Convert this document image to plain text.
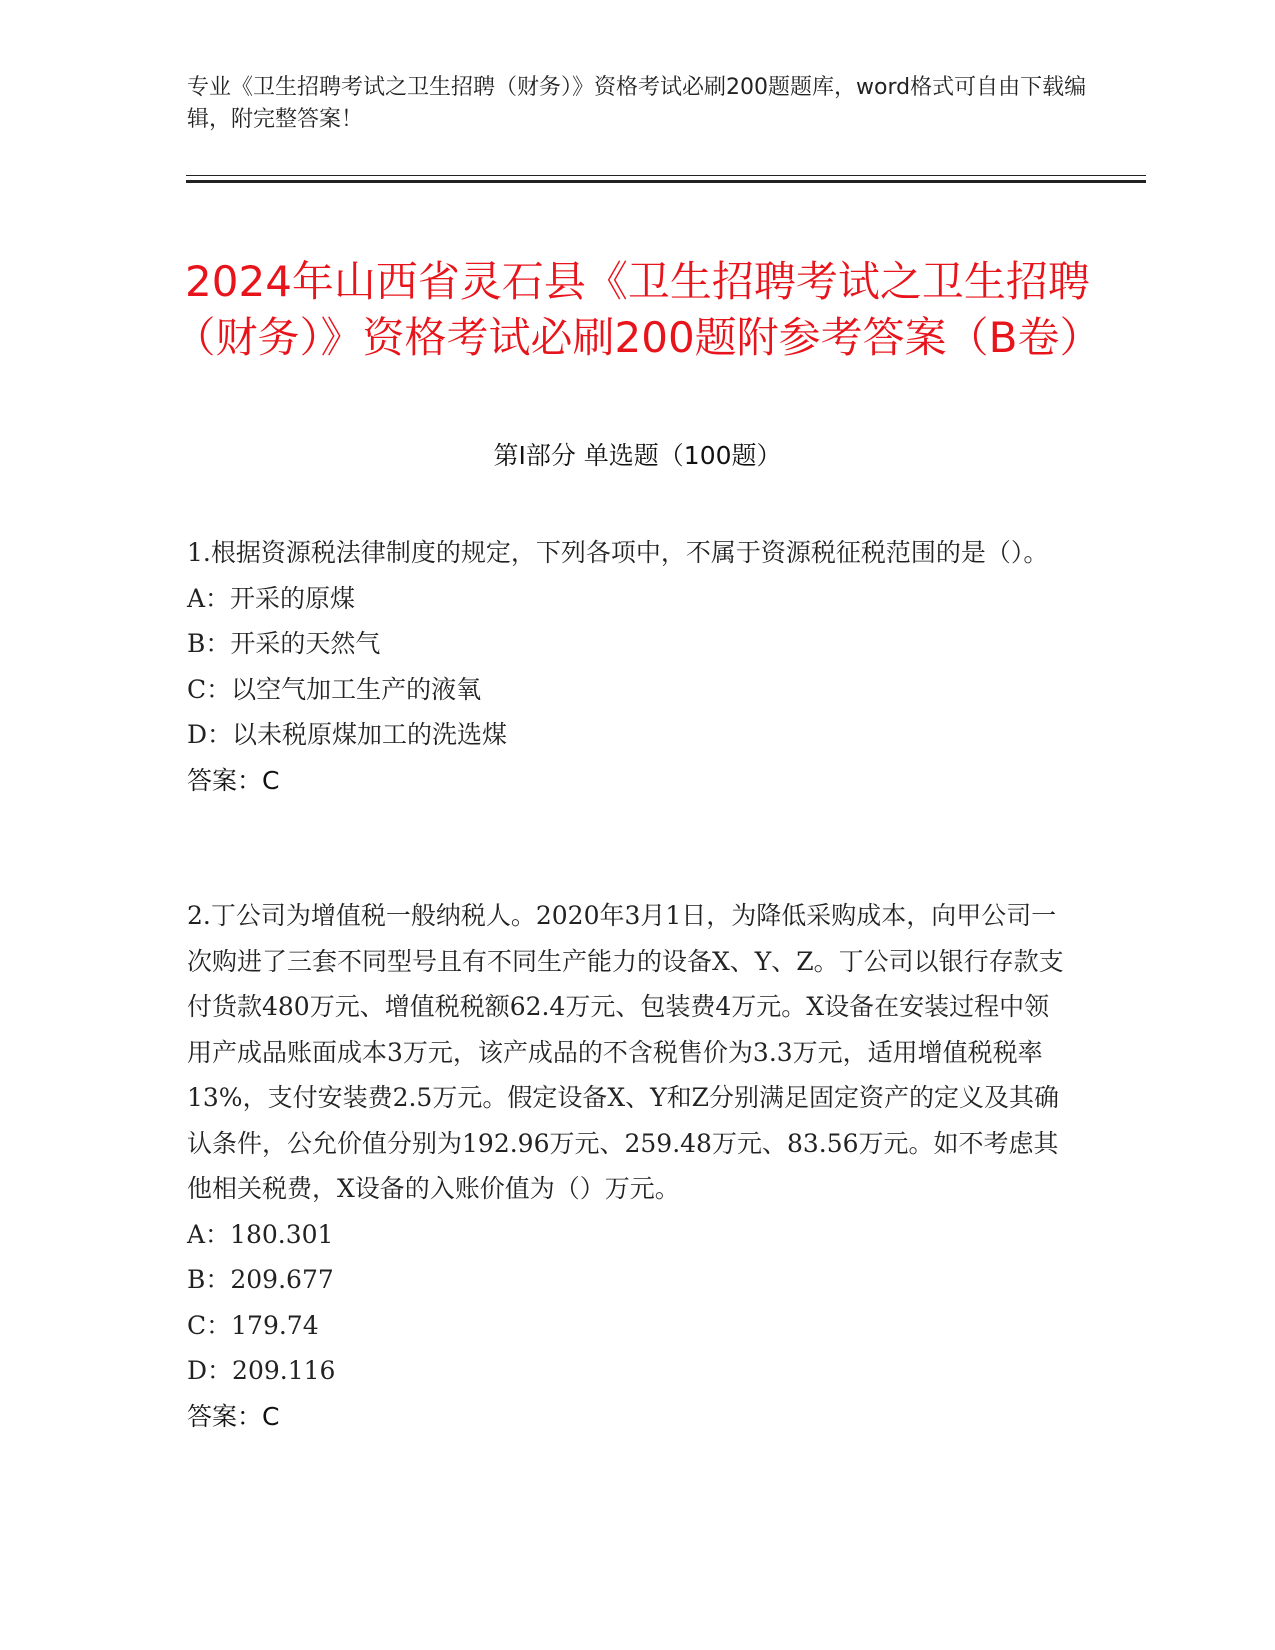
专业《卫生招聘考试之卫生招聘（财务）》资格考试必刷200题题库，word格式可自由下载编辑，附完整答案！
2024年山西省灵石县《卫生招聘考试之卫生招聘（财务）》资格考试必刷200题附参考答案（B卷）
第I部分 单选题（100题）

1.根据资源税法律制度的规定，下列各项中，不属于资源税征税范围的是（）。

A：开采的原煤

B：开采的天然气

C：以空气加工生产的液氧

D：以未税原煤加工的洗选煤

答案：C

2.丁公司为增值税一般纳税人。2020年3月1日，为降低采购成本，向甲公司一次购进了三套不同型号且有不同生产能力的设备X、Y、Z。丁公司以银行存款支付货款480万元、增值税税额62.4万元、包装费4万元。X设备在安装过程中领用产成品账面成本3万元，该产成品的不含税售价为3.3万元，适用增值税税率13%，支付安装费2.5万元。假定设备X、Y和Z分别满足固定资产的定义及其确认条件，公允价值分别为192.96万元、259.48万元、83.56万元。如不考虑其他相关税费，X设备的入账价值为（）万元。

A：180.301

B：209.677

C：179.74

D：209.116

答案：C
